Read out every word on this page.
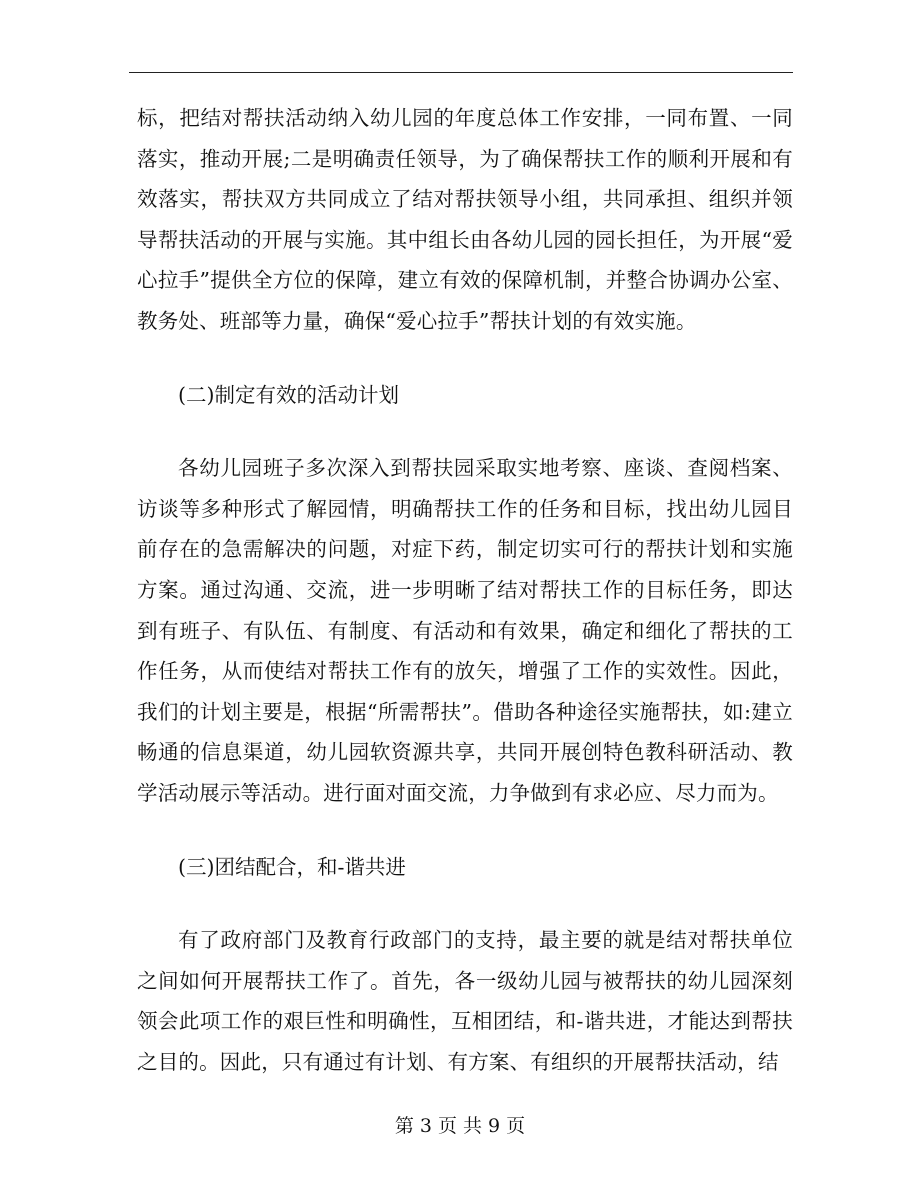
标，把结对帮扶活动纳入幼儿园的年度总体工作安排，一同布置、一同落实，推动开展;二是明确责任领导，为了确保帮扶工作的顺利开展和有效落实，帮扶双方共同成立了结对帮扶领导小组，共同承担、组织并领导帮扶活动的开展与实施。其中组长由各幼儿园的园长担任，为开展“爱心拉手”提供全方位的保障，建立有效的保障机制，并整合协调办公室、教务处、班部等力量，确保“爱心拉手”帮扶计划的有效实施。

(二)制定有效的活动计划

各幼儿园班子多次深入到帮扶园采取实地考察、座谈、查阅档案、访谈等多种形式了解园情，明确帮扶工作的任务和目标，找出幼儿园目前存在的急需解决的问题，对症下药，制定切实可行的帮扶计划和实施方案。通过沟通、交流，进一步明晰了结对帮扶工作的目标任务，即达到有班子、有队伍、有制度、有活动和有效果，确定和细化了帮扶的工作任务，从而使结对帮扶工作有的放矢，增强了工作的实效性。因此，我们的计划主要是，根据“所需帮扶”。借助各种途径实施帮扶，如:建立畅通的信息渠道，幼儿园软资源共享，共同开展创特色教科研活动、教学活动展示等活动。进行面对面交流，力争做到有求必应、尽力而为。

(三)团结配合，和-谐共进

有了政府部门及教育行政部门的支持，最主要的就是结对帮扶单位之间如何开展帮扶工作了。首先，各一级幼儿园与被帮扶的幼儿园深刻领会此项工作的艰巨性和明确性，互相团结，和-谐共进，才能达到帮扶之目的。因此，只有通过有计划、有方案、有组织的开展帮扶活动，结

第 3 页 共 9 页
